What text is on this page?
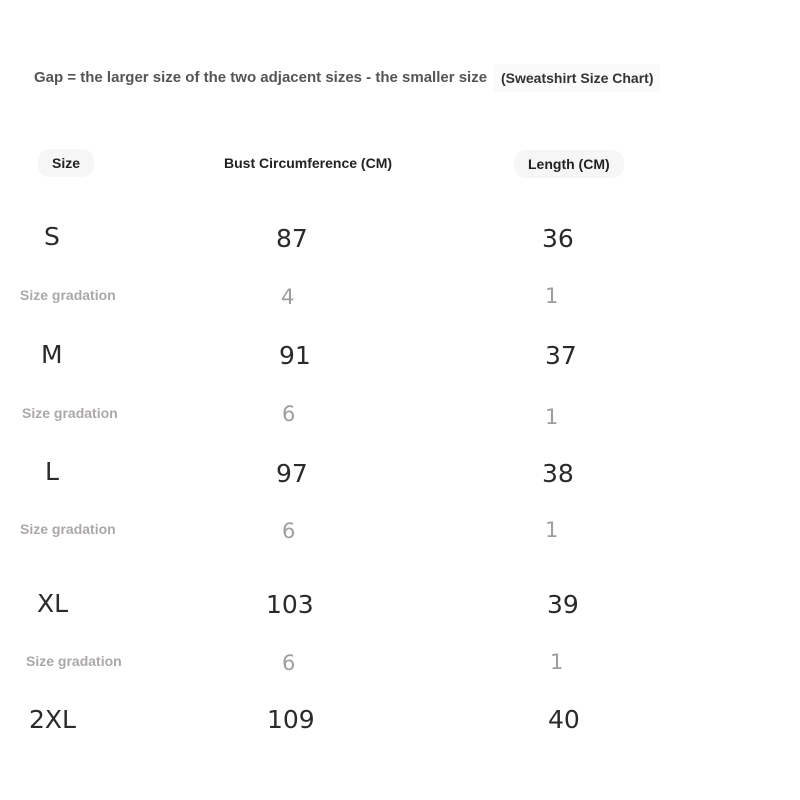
Gap = the larger size of the two adjacent sizes - the smaller size (Sweatshirt Size Chart)
Size	Bust Circumference (CM)	Length (CM)
S	87	36
Size gradation	4	1
M	91	37
Size gradation	6	1
L	97	38
Size gradation	6	1
XL	103	39
Size gradation	6	1
2XL	109	40
